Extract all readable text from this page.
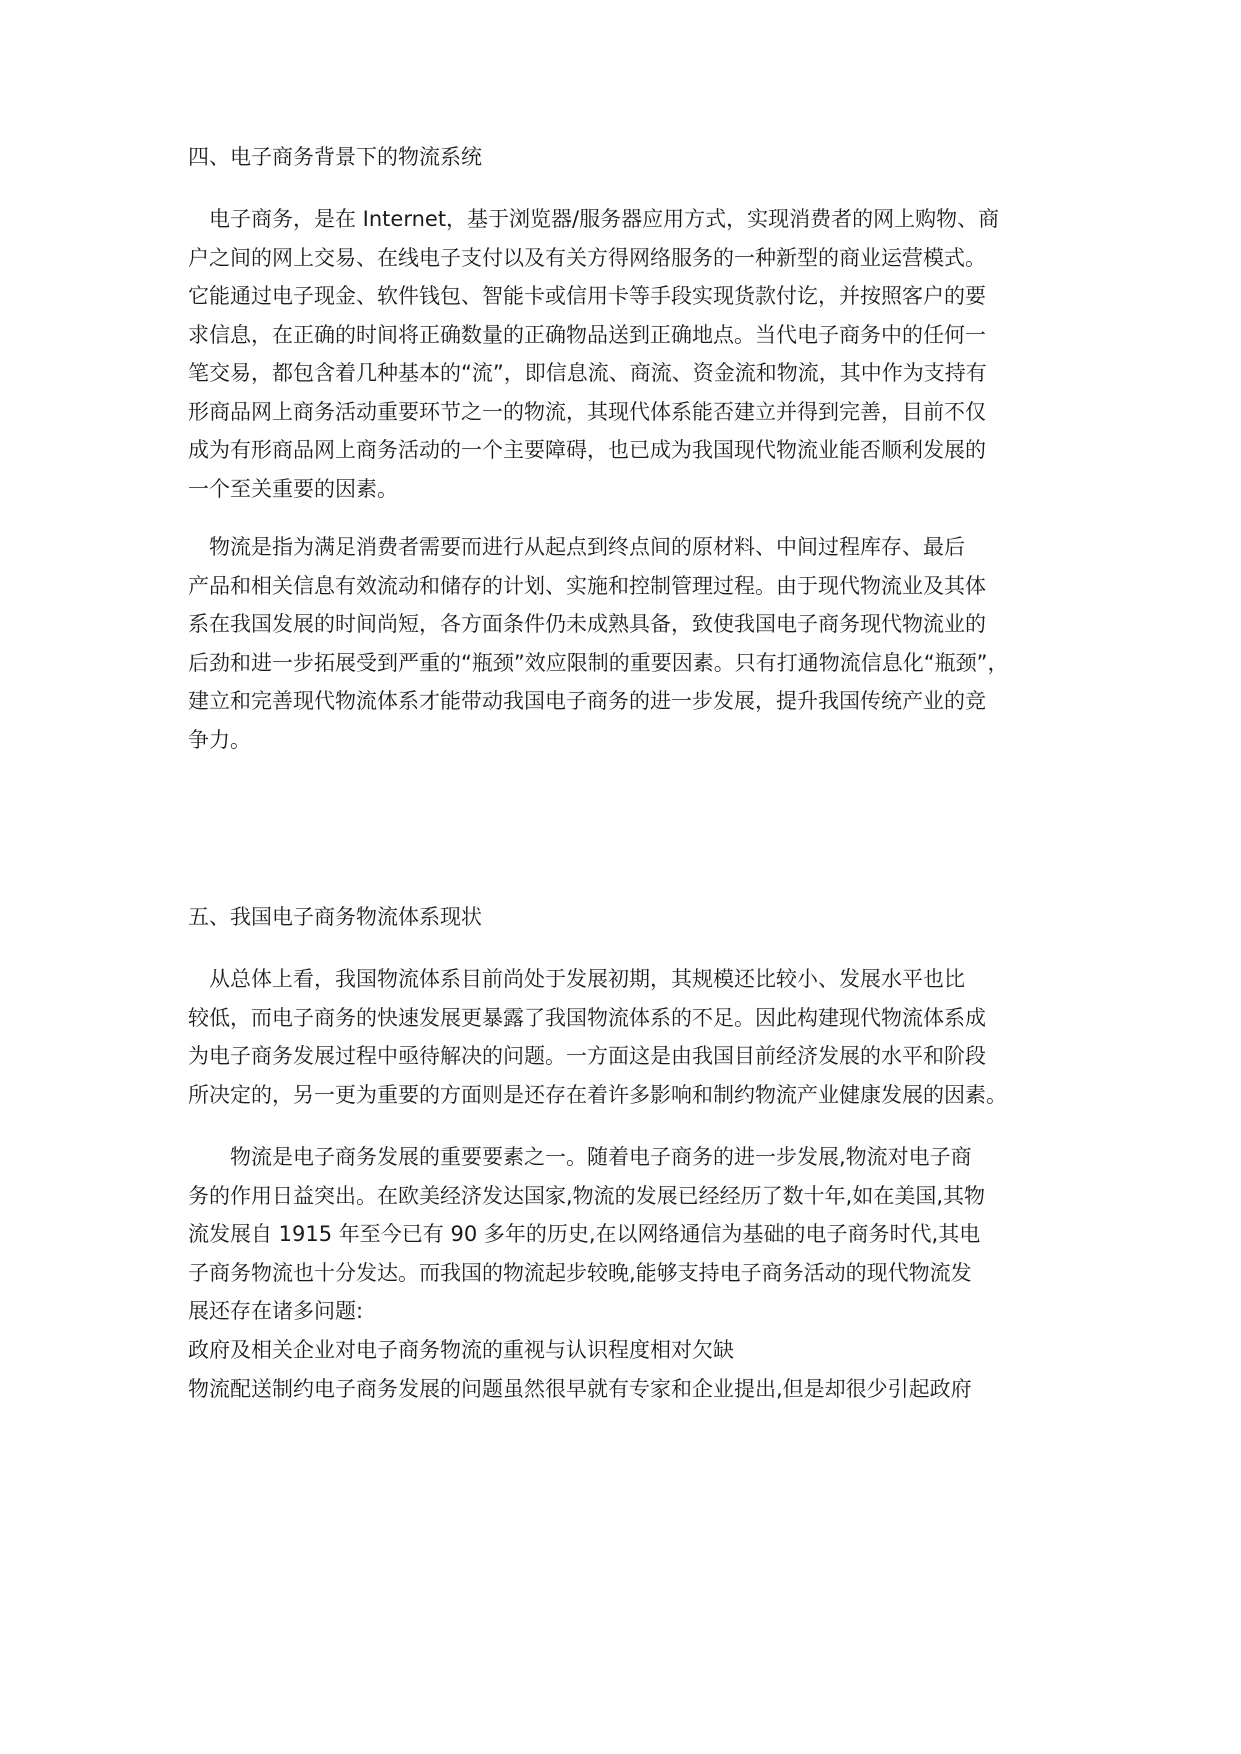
四、电子商务背景下的物流系统
电子商务，是在 Internet，基于浏览器/服务器应用方式，实现消费者的网上购物、商
户之间的网上交易、在线电子支付以及有关方得网络服务的一种新型的商业运营模式。
它能通过电子现金、软件钱包、智能卡或信用卡等手段实现货款付讫，并按照客户的要
求信息，在正确的时间将正确数量的正确物品送到正确地点。当代电子商务中的任何一
笔交易，都包含着几种基本的“流”，即信息流、商流、资金流和物流，其中作为支持有
形商品网上商务活动重要环节之一的物流，其现代体系能否建立并得到完善，目前不仅
成为有形商品网上商务活动的一个主要障碍，也已成为我国现代物流业能否顺利发展的
一个至关重要的因素。
物流是指为满足消费者需要而进行从起点到终点间的原材料、中间过程库存、最后
产品和相关信息有效流动和储存的计划、实施和控制管理过程。由于现代物流业及其体
系在我国发展的时间尚短，各方面条件仍未成熟具备，致使我国电子商务现代物流业的
后劲和进一步拓展受到严重的“瓶颈”效应限制的重要因素。只有打通物流信息化“瓶颈”，
建立和完善现代物流体系才能带动我国电子商务的进一步发展，提升我国传统产业的竞
争力。
五、我国电子商务物流体系现状
从总体上看，我国物流体系目前尚处于发展初期，其规模还比较小、发展水平也比
较低，而电子商务的快速发展更暴露了我国物流体系的不足。因此构建现代物流体系成
为电子商务发展过程中亟待解决的问题。一方面这是由我国目前经济发展的水平和阶段
所决定的，另一更为重要的方面则是还存在着许多影响和制约物流产业健康发展的因素。
物流是电子商务发展的重要要素之一。随着电子商务的进一步发展,物流对电子商
务的作用日益突出。在欧美经济发达国家,物流的发展已经经历了数十年,如在美国,其物
流发展自 1915 年至今已有 90 多年的历史,在以网络通信为基础的电子商务时代,其电
子商务物流也十分发达。而我国的物流起步较晚,能够支持电子商务活动的现代物流发
展还存在诸多问题:
政府及相关企业对电子商务物流的重视与认识程度相对欠缺
物流配送制约电子商务发展的问题虽然很早就有专家和企业提出,但是却很少引起政府
